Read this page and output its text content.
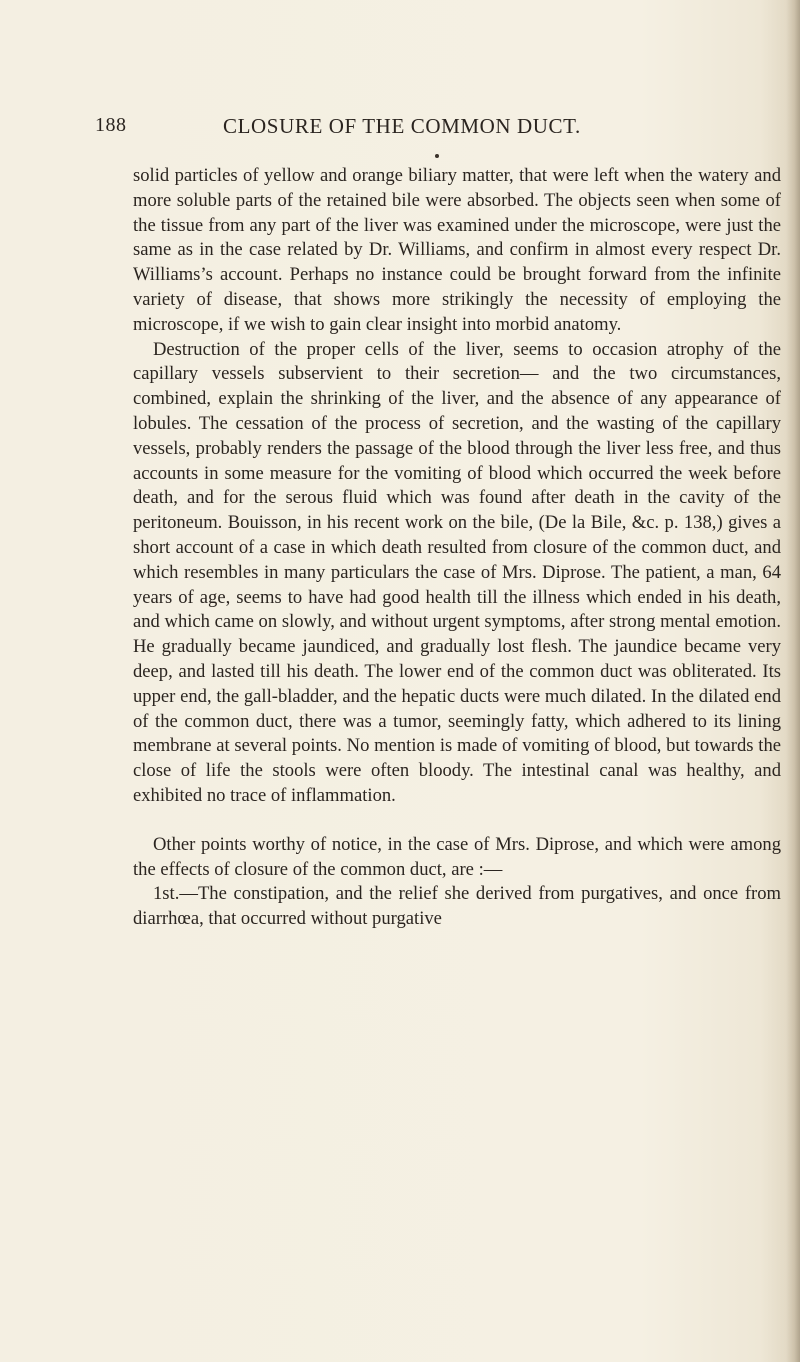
188	CLOSURE OF THE COMMON DUCT.

solid particles of yellow and orange biliary matter, that were left when the watery and more soluble parts of the retained bile were absorbed. The objects seen when some of the tissue from any part of the liver was examined under the microscope, were just the same as in the case related by Dr. Williams, and confirm in almost every respect Dr. Williams’s account. Perhaps no instance could be brought forward from the infinite variety of disease, that shows more strikingly the necessity of employing the microscope, if we wish to gain clear insight into morbid anatomy.

Destruction of the proper cells of the liver, seems to occasion atrophy of the capillary vessels subservient to their secretion— and the two circumstances, combined, explain the shrinking of the liver, and the absence of any appearance of lobules. The cessation of the process of secretion, and the wasting of the capillary vessels, probably renders the passage of the blood through the liver less free, and thus accounts in some measure for the vomiting of blood which occurred the week before death, and for the serous fluid which was found after death in the cavity of the peritoneum. Bouisson, in his recent work on the bile, (De la Bile, &c. p. 138,) gives a short account of a case in which death resulted from closure of the common duct, and which resembles in many particulars the case of Mrs. Diprose. The patient, a man, 64 years of age, seems to have had good health till the illness which ended in his death, and which came on slowly, and without urgent symptoms, after strong mental emotion. He gradually became jaundiced, and gradually lost flesh. The jaundice became very deep, and lasted till his death. The lower end of the common duct was obliterated. Its upper end, the gall-bladder, and the hepatic ducts were much dilated. In the dilated end of the common duct, there was a tumor, seemingly fatty, which adhered to its lining membrane at several points. No mention is made of vomiting of blood, but towards the close of life the stools were often bloody. The intestinal canal was healthy, and exhibited no trace of inflammation.

Other points worthy of notice, in the case of Mrs. Diprose, and which were among the effects of closure of the common duct, are :—

1st.—The constipation, and the relief she derived from purgatives, and once from diarrhœa, that occurred without purgative
